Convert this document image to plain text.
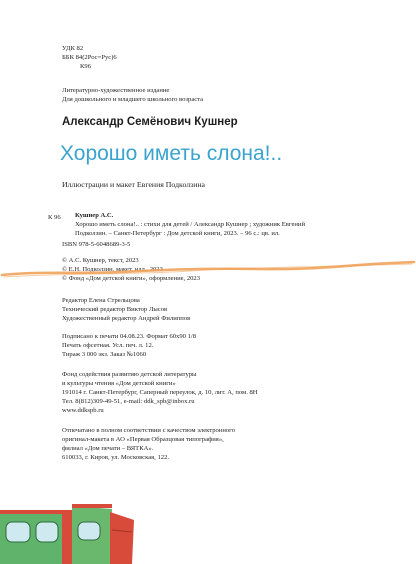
УДК 82

ББК 84(2Рос=Рус)6

К96

Литературно-художественное издание

Для дошкольного и младшего школьного возраста

Александр Семёнович Кушнер
Хорошо иметь слона!..
Иллюстрации и макет Евгения Подколзина
К 96 Кушнер А.С.

Хорошо иметь слона!.. : стихи для детей / Александр Кушнер ; художник Евгений

Подколзин. – Санкт-Петербург : Дом детской книги, 2023. – 96 с.: цв. ил.

ISBN 978-5-6048689-3-5

© А.С. Кушнер, текст, 2023

© Е.Н. Подколзин, макет, илл., 2023

© Фонд «Дом детской книги», оформление, 2023

Редактор Елена Стрельцова

Технический редактор Виктор Лысов

Художественный редактор Андрей Филиппов

Подписано к печати 04.08.23. Формат 60x90 1/8

Печать офсетная. Усл. печ. л. 12.

Тираж 3 000 экз. Заказ №1060

Фонд содействия развитию детской литературы

и культуры чтения «Дом детской книги»

191014 г. Санкт-Петербург, Саперный переулок, д. 10, лит. А, пом. 8Н

Тел. 8(812)309-49-51, e-mail: ddk_spb@inbox.ru

www.ddkspb.ru

Отпечатано в полном соответствии с качеством электронного

оригинал-макета в АО «Первая Образцовая типография»,

филиал «Дом печати – ВЯТКА».

610033, г. Киров, ул. Московская, 122.
